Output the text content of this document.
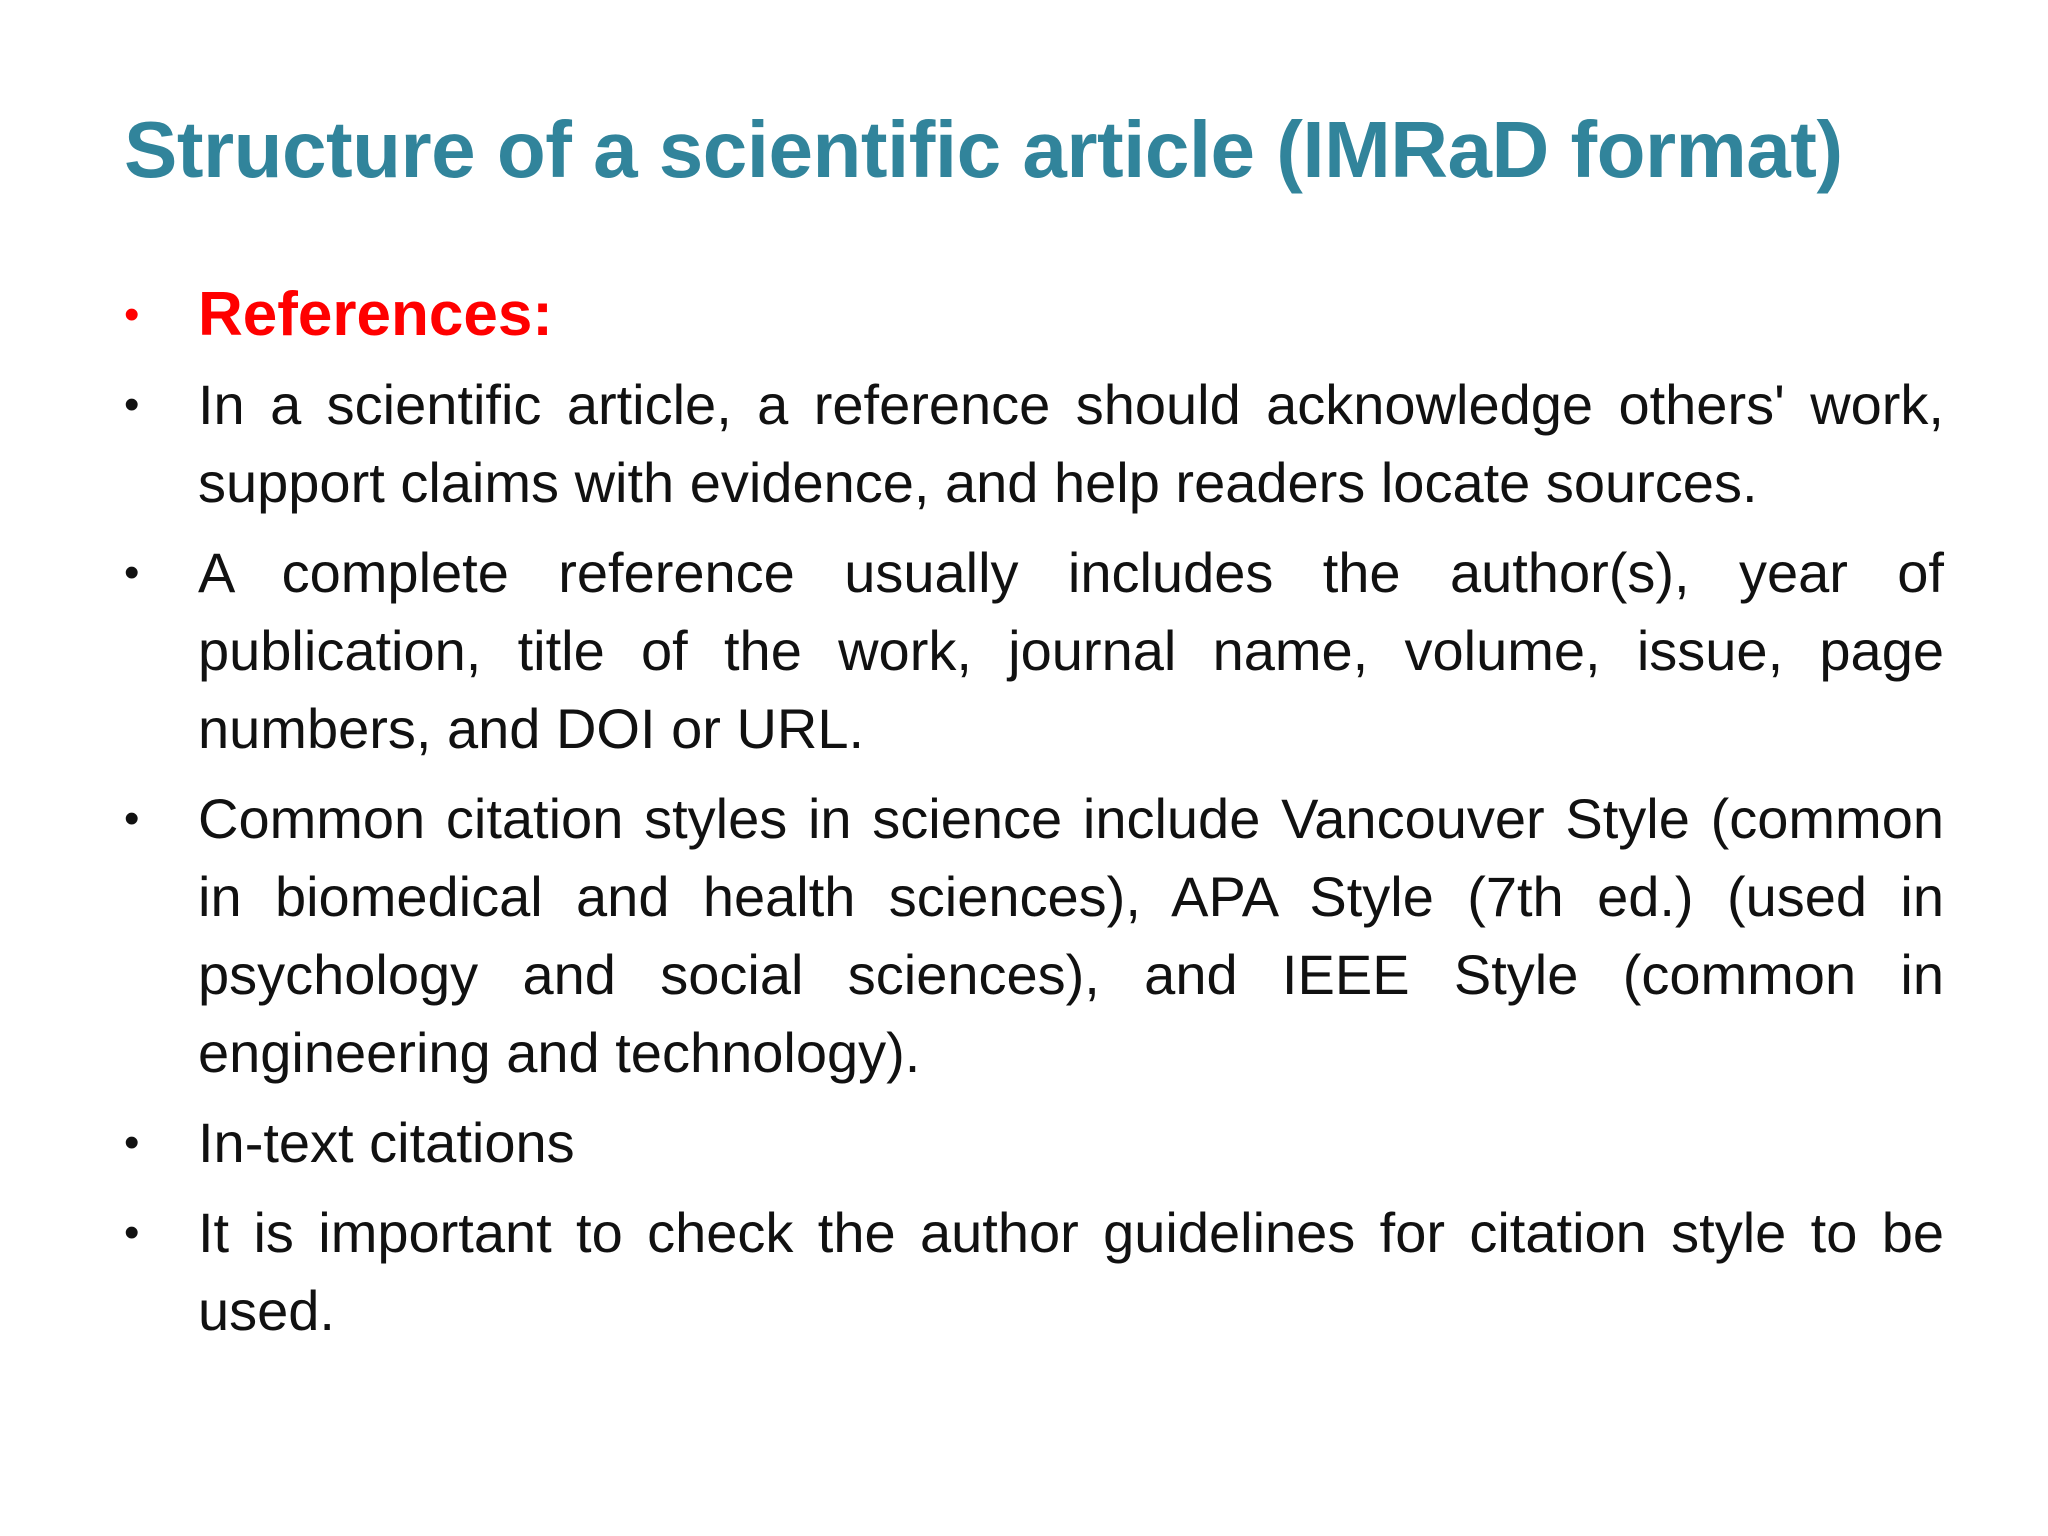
Structure of a scientific article (IMRaD format)
• References:
•	In a scientific article, a reference should acknowledge others' work, support claims with evidence, and help readers locate sources.
•	A complete reference usually includes the author(s), year of publication, title of the work, journal name, volume, issue, page numbers, and DOI or URL.
•	Common citation styles in science include Vancouver Style (common in biomedical and health sciences), APA Style (7th ed.) (used in psychology and social sciences), and IEEE Style (common in engineering and technology).
•	In-text citations
•	It is important to check the author guidelines for citation style to be used.
